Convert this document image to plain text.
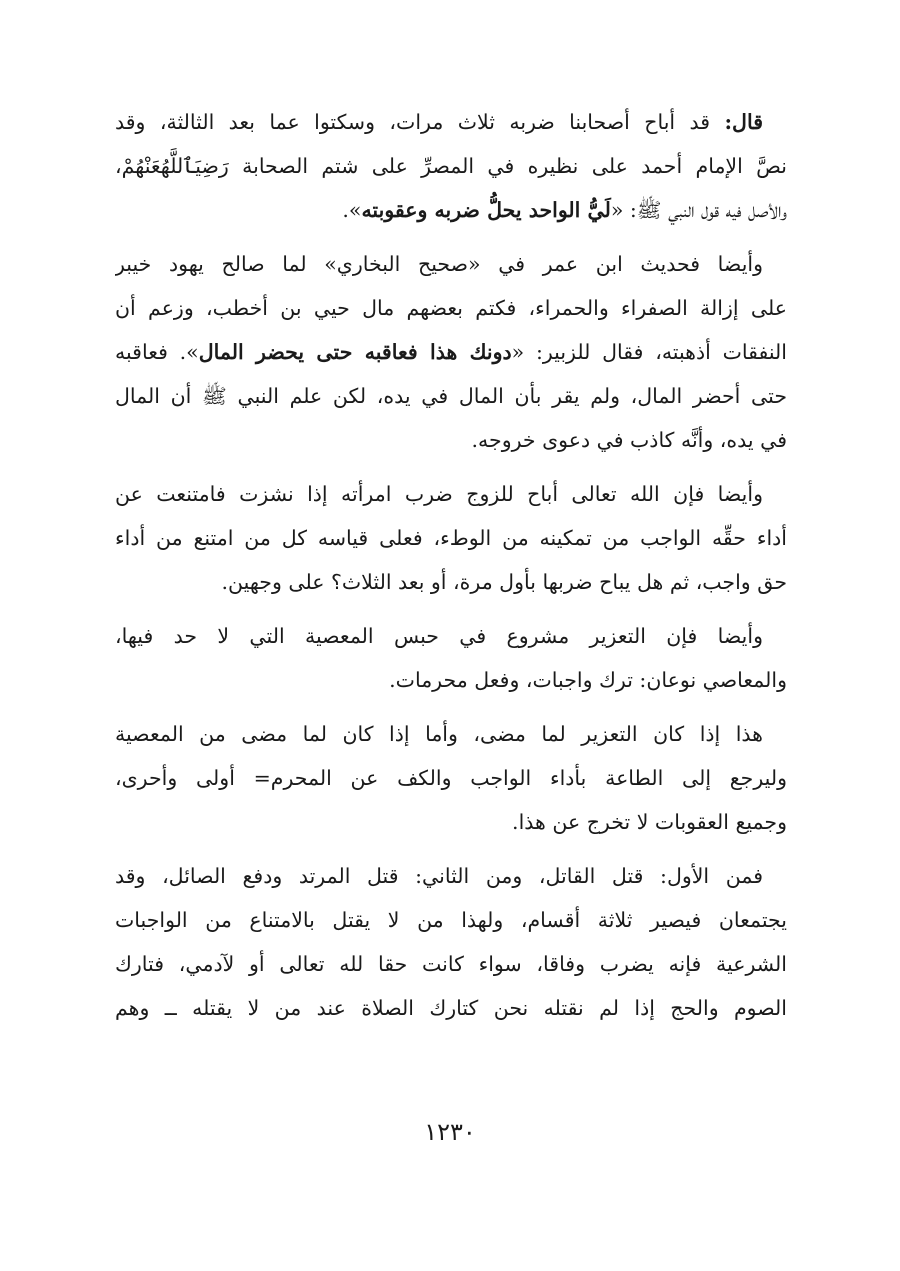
قال: قد أباح أصحابنا ضربه ثلاث مرات، وسكتوا عما بعد الثالثة، وقد
نصَّ الإمام أحمد على نظيره في المصرِّ على شتم الصحابة رَضِيَٱللَّهُعَنْهُمْ،
والأصل فيه قول النبي ﷺ: «لَيُّ الواحد يحلُّ ضربه وعقوبته».
وأيضا فحديث ابن عمر في «صحيح البخاري» لما صالح يهود خيبر
على إزالة الصفراء والحمراء، فكتم بعضهم مال حيي بن أخطب، وزعم أن
النفقات أذهبته، فقال للزبير: «دونك هذا فعاقبه حتى يحضر المال». فعاقبه
حتى أحضر المال، ولم يقر بأن المال في يده، لكن علم النبي ﷺ أن المال
في يده، وأنَّه كاذب في دعوى خروجه.
وأيضا فإن الله تعالى أباح للزوج ضرب امرأته إذا نشزت فامتنعت عن
أداء حقِّه الواجب من تمكينه من الوطء، فعلى قياسه كل من امتنع من أداء
حق واجب، ثم هل يباح ضربها بأول مرة، أو بعد الثلاث؟ على وجهين.
وأيضا فإن التعزير مشروع في حبس المعصية التي لا حد فيها،
والمعاصي نوعان: ترك واجبات، وفعل محرمات.
هذا إذا كان التعزير لما مضى، وأما إذا كان لما مضى من المعصية
وليرجع إلى الطاعة بأداء الواجب والكف عن المحرم= أولى وأحرى،
وجميع العقوبات لا تخرج عن هذا.
فمن الأول: قتل القاتل، ومن الثاني: قتل المرتد ودفع الصائل، وقد
يجتمعان فيصير ثلاثة أقسام، ولهذا من لا يقتل بالامتناع من الواجبات
الشرعية فإنه يضرب وفاقا، سواء كانت حقا لله تعالى أو لآدمي، فتارك
الصوم والحج إذا لم نقتله نحن كتارك الصلاة عند من لا يقتله ــ وهم
١٢٣٠
